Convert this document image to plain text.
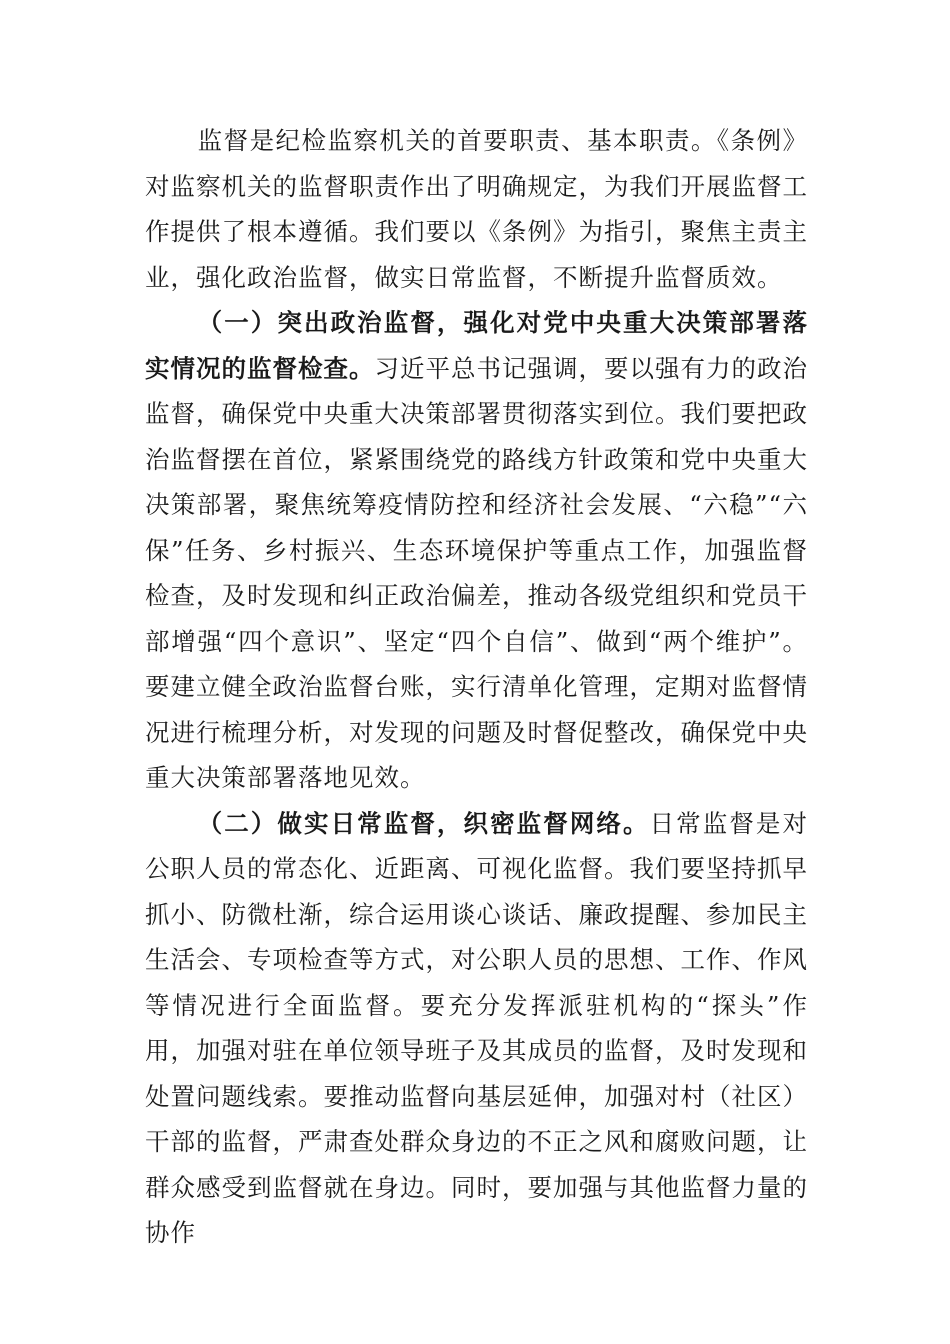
监督是纪检监察机关的首要职责、基本职责。《条例》对监察机关的监督职责作出了明确规定，为我们开展监督工作提供了根本遵循。我们要以《条例》为指引，聚焦主责主业，强化政治监督，做实日常监督，不断提升监督质效。

（一）突出政治监督，强化对党中央重大决策部署落实情况的监督检查。习近平总书记强调，要以强有力的政治监督，确保党中央重大决策部署贯彻落实到位。我们要把政治监督摆在首位，紧紧围绕党的路线方针政策和党中央重大决策部署，聚焦统筹疫情防控和经济社会发展、“六稳”“六保”任务、乡村振兴、生态环境保护等重点工作，加强监督检查，及时发现和纠正政治偏差，推动各级党组织和党员干部增强“四个意识”、坚定“四个自信”、做到“两个维护”。要建立健全政治监督台账，实行清单化管理，定期对监督情况进行梳理分析，对发现的问题及时督促整改，确保党中央重大决策部署落地见效。

（二）做实日常监督，织密监督网络。日常监督是对公职人员的常态化、近距离、可视化监督。我们要坚持抓早抓小、防微杜渐，综合运用谈心谈话、廉政提醒、参加民主生活会、专项检查等方式，对公职人员的思想、工作、作风等情况进行全面监督。要充分发挥派驻机构的“探头”作用，加强对驻在单位领导班子及其成员的监督，及时发现和处置问题线索。要推动监督向基层延伸，加强对村（社区）干部的监督，严肃查处群众身边的不正之风和腐败问题，让群众感受到监督就在身边。同时，要加强与其他监督力量的协作
